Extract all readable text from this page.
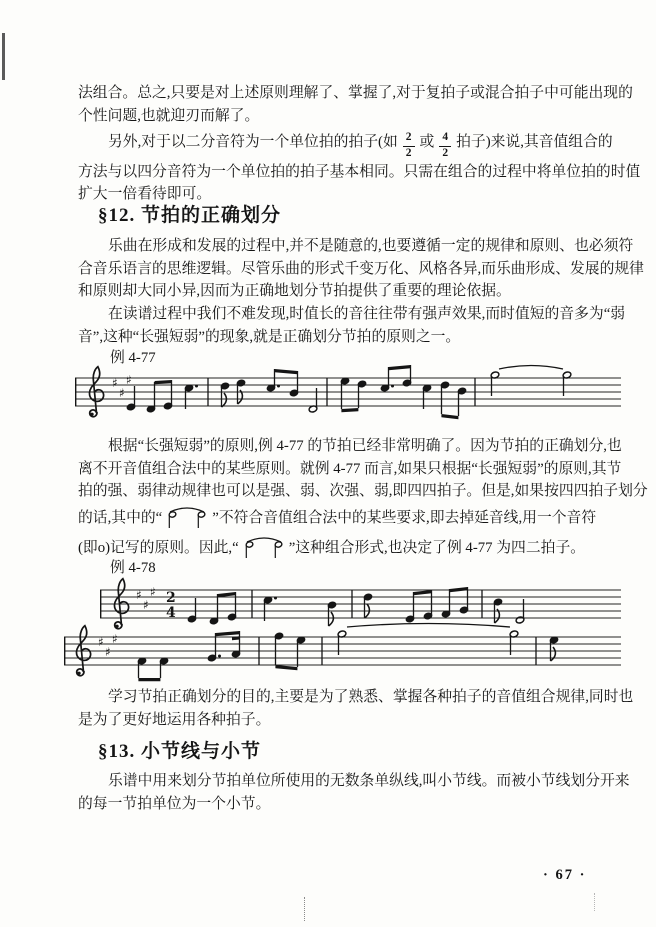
法组合。总之,只要是对上述原则理解了、掌握了,对于复拍子或混合拍子中可能出现的
个性问题,也就迎刃而解了。
另外,对于以二分音符为一个单位拍的拍子(如 $\frac{2}{2}$ 或 $\frac{4}{2}$ 拍子)来说,其音值组合的
方法与以四分音符为一个单位拍的拍子基本相同。只需在组合的过程中将单位拍的时值
扩大一倍看待即可。
§12. 节拍的正确划分
乐曲在形成和发展的过程中,并不是随意的,也要遵循一定的规律和原则、也必须符
合音乐语言的思维逻辑。尽管乐曲的形式千变万化、风格各异,而乐曲形成、发展的规律
和原则却大同小异,因而为正确地划分节拍提供了重要的理论依据。
在读谱过程中我们不难发现,时值长的音往往带有强声效果,而时值短的音多为“弱
音”,这种“长强短弱”的现象,就是正确划分节拍的原则之一。
例 4-77
♯
♯
♯
根据“长强短弱”的原则,例 4-77 的节拍已经非常明确了。因为节拍的正确划分,也
离不开音值组合法中的某些原则。就例 4-77 而言,如果只根据“长强短弱”的原则,其节
拍的强、弱律动规律也可以是强、弱、次强、弱,即四四拍子。但是,如果按四四拍子划分
的话,其中的“	”不符合音值组合法中的某些要求,即去掉延音线,用一个音符
(即o)记写的原则。因此,“	”这种组合形式,也决定了例 4-77 为四二拍子。
例 4-78
♯
♯
♯ 2
4
♯
♯
♯
学习节拍正确划分的目的,主要是为了熟悉、掌握各种拍子的音值组合规律,同时也
是为了更好地运用各种拍子。
§13. 小节线与小节
乐谱中用来划分节拍单位所使用的无数条单纵线,叫小节线。而被小节线划分开来
的每一节拍单位为一个小节。
· 67 ·
